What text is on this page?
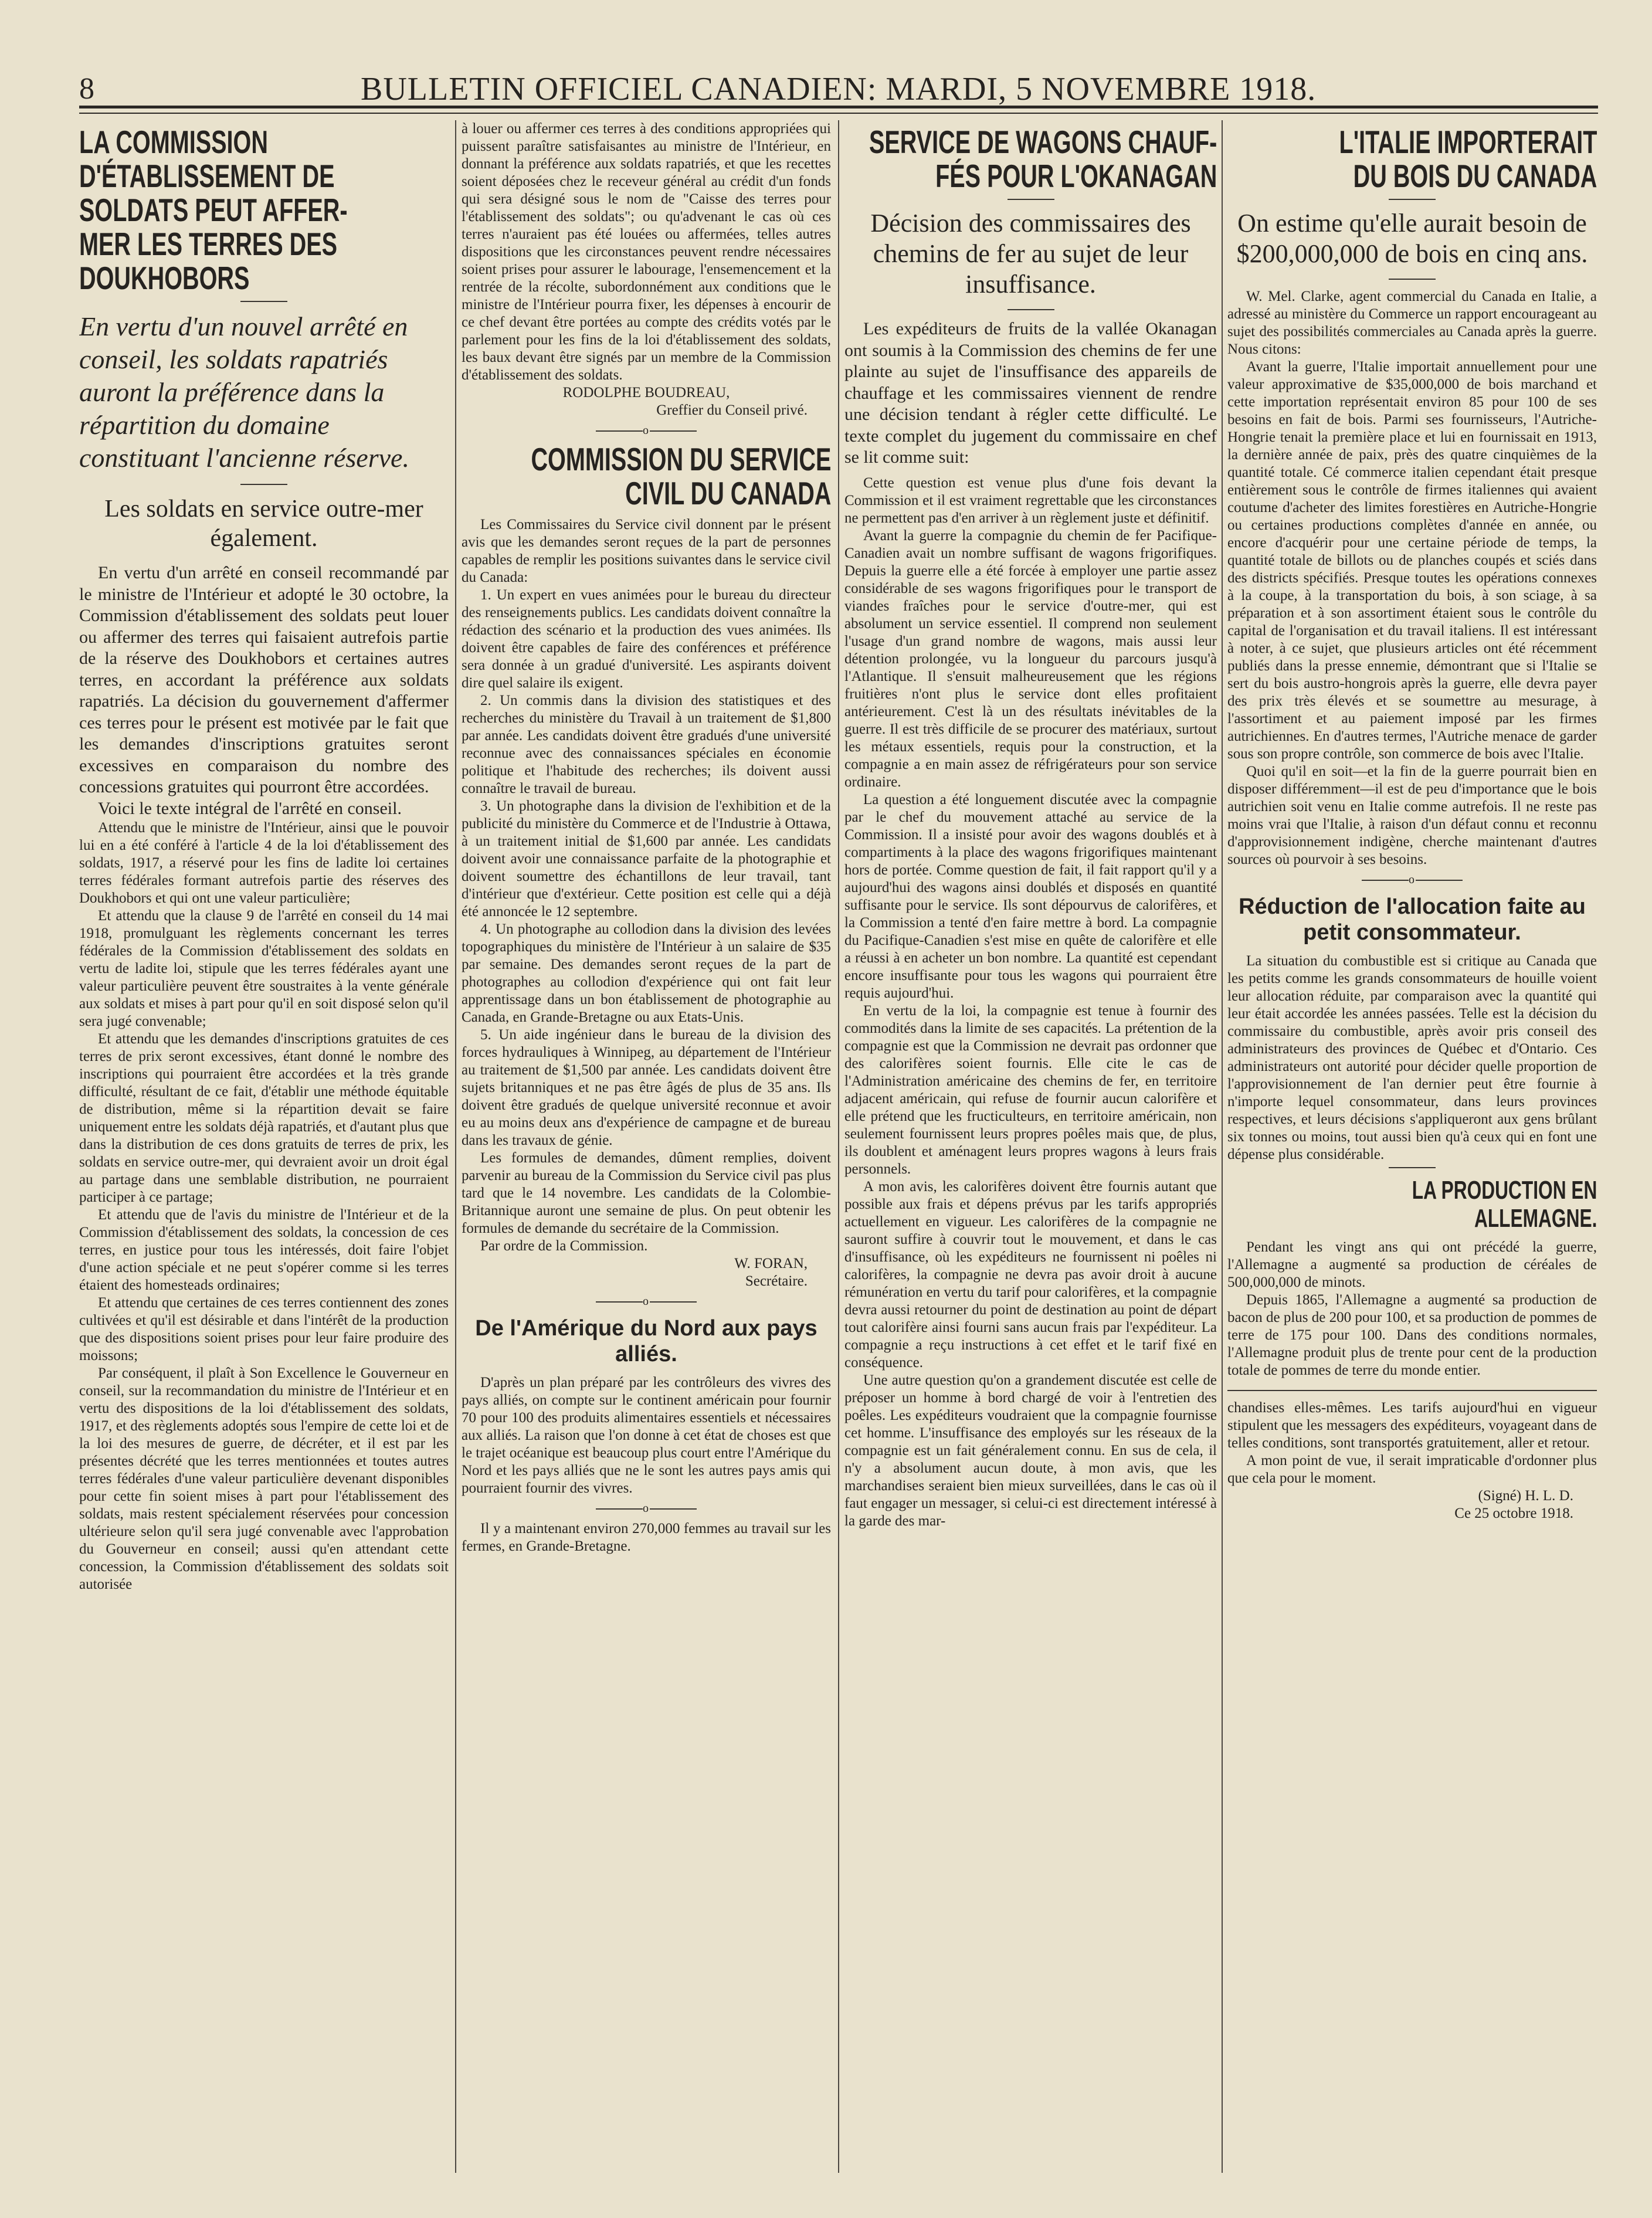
8	BULLETIN OFFICIEL CANADIEN: MARDI, 5 NOVEMBRE 1918.
LA COMMISSION
D'ÉTABLISSEMENT DE
SOLDATS PEUT AFFER-
MER LES TERRES DES
DOUKHOBORS
En vertu d'un nouvel arrêté en conseil, les soldats rapatriés auront la préférence dans la répartition du domaine constituant l'ancienne réserve.
Les soldats en service outre-mer également.

En vertu d'un arrêté en conseil recommandé par le ministre de l'Intérieur et adopté le 30 octobre, la Commission d'établissement des soldats peut louer ou affermer des terres qui faisaient autrefois partie de la réserve des Doukhobors et certaines autres terres, en accordant la préférence aux soldats rapatriés. La décision du gouvernement d'affermer ces terres pour le présent est motivée par le fait que les demandes d'inscriptions gratuites seront excessives en comparaison du nombre des concessions gratuites qui pourront être accordées.

Voici le texte intégral de l'arrêté en conseil.

Attendu que le ministre de l'Intérieur, ainsi que le pouvoir lui en a été conféré à l'article 4 de la loi d'établissement des soldats, 1917, a réservé pour les fins de ladite loi certaines terres fédérales formant autrefois partie des réserves des Doukhobors et qui ont une valeur particulière;

Et attendu que la clause 9 de l'arrêté en conseil du 14 mai 1918, promulguant les règlements concernant les terres fédérales de la Commission d'établissement des soldats en vertu de ladite loi, stipule que les terres fédérales ayant une valeur particulière peuvent être soustraites à la vente générale aux soldats et mises à part pour qu'il en soit disposé selon qu'il sera jugé convenable;

Et attendu que les demandes d'inscriptions gratuites de ces terres de prix seront excessives, étant donné le nombre des inscriptions qui pourraient être accordées et la très grande difficulté, résultant de ce fait, d'établir une méthode équitable de distribution, même si la répartition devait se faire uniquement entre les soldats déjà rapatriés, et d'autant plus que dans la distribution de ces dons gratuits de terres de prix, les soldats en service outre-mer, qui devraient avoir un droit égal au partage dans une semblable distribution, ne pourraient participer à ce partage;

Et attendu que de l'avis du ministre de l'Intérieur et de la Commission d'établissement des soldats, la concession de ces terres, en justice pour tous les intéressés, doit faire l'objet d'une action spéciale et ne peut s'opérer comme si les terres étaient des homesteads ordinaires;

Et attendu que certaines de ces terres contiennent des zones cultivées et qu'il est désirable et dans l'intérêt de la production que des dispositions soient prises pour leur faire produire des moissons;

Par conséquent, il plaît à Son Excellence le Gouverneur en conseil, sur la recommandation du ministre de l'Intérieur et en vertu des dispositions de la loi d'établissement des soldats, 1917, et des règlements adoptés sous l'empire de cette loi et de la loi des mesures de guerre, de décréter, et il est par les présentes décrété que les terres mentionnées et toutes autres terres fédérales d'une valeur particulière devenant disponibles pour cette fin soient mises à part pour l'établissement des soldats, mais restent spécialement réservées pour concession ultérieure selon qu'il sera jugé convenable avec l'approbation du Gouverneur en conseil; aussi qu'en attendant cette concession, la Commission d'établissement des soldats soit autorisée

à louer ou affermer ces terres à des conditions appropriées qui puissent paraître satisfaisantes au ministre de l'Intérieur, en donnant la préférence aux soldats rapatriés, et que les recettes soient déposées chez le receveur général au crédit d'un fonds qui sera désigné sous le nom de "Caisse des terres pour l'établissement des soldats"; ou qu'advenant le cas où ces terres n'auraient pas été louées ou affermées, telles autres dispositions que les circonstances peuvent rendre nécessaires soient prises pour assurer le labourage, l'ensemencement et la rentrée de la récolte, subordonnément aux conditions que le ministre de l'Intérieur pourra fixer, les dépenses à encourir de ce chef devant être portées au compte des crédits votés par le parlement pour les fins de la loi d'établissement des soldats, les baux devant être signés par un membre de la Commission d'établissement des soldats.

RODOLPHE BOUDREAU,
Greffier du Conseil privé.
o
COMMISSION DU SERVICE
CIVIL DU CANADA

Les Commissaires du Service civil donnent par le présent avis que les demandes seront reçues de la part de personnes capables de remplir les positions suivantes dans le service civil du Canada:

1. Un expert en vues animées pour le bureau du directeur des renseignements publics. Les candidats doivent connaître la rédaction des scénario et la production des vues animées. Ils doivent être capables de faire des conférences et préférence sera donnée à un gradué d'université. Les aspirants doivent dire quel salaire ils exigent.

2. Un commis dans la division des statistiques et des recherches du ministère du Travail à un traitement de $1,800 par année. Les candidats doivent être gradués d'une université reconnue avec des connaissances spéciales en économie politique et l'habitude des recherches; ils doivent aussi connaître le travail de bureau.

3. Un photographe dans la division de l'exhibition et de la publicité du ministère du Commerce et de l'Industrie à Ottawa, à un traitement initial de $1,600 par année. Les candidats doivent avoir une connaissance parfaite de la photographie et doivent soumettre des échantillons de leur travail, tant d'intérieur que d'extérieur. Cette position est celle qui a déjà été annoncée le 12 septembre.

4. Un photographe au collodion dans la division des levées topographiques du ministère de l'Intérieur à un salaire de $35 par semaine. Des demandes seront reçues de la part de photographes au collodion d'expérience qui ont fait leur apprentissage dans un bon établissement de photographie au Canada, en Grande-Bretagne ou aux Etats-Unis.

5. Un aide ingénieur dans le bureau de la division des forces hydrauliques à Winnipeg, au département de l'Intérieur au traitement de $1,500 par année. Les candidats doivent être sujets britanniques et ne pas être âgés de plus de 35 ans. Ils doivent être gradués de quelque université reconnue et avoir eu au moins deux ans d'expérience de campagne et de bureau dans les travaux de génie.

Les formules de demandes, dûment remplies, doivent parvenir au bureau de la Commission du Service civil pas plus tard que le 14 novembre. Les candidats de la Colombie-Britannique auront une semaine de plus. On peut obtenir les formules de demande du secrétaire de la Commission.

Par ordre de la Commission.

W. FORAN,
Secrétaire.
o
De l'Amérique du Nord aux pays alliés.

D'après un plan préparé par les contrôleurs des vivres des pays alliés, on compte sur le continent américain pour fournir 70 pour 100 des produits alimentaires essentiels et nécessaires aux alliés. La raison que l'on donne à cet état de choses est que le trajet océanique est beaucoup plus court entre l'Amérique du Nord et les pays alliés que ne le sont les autres pays amis qui pourraient fournir des vivres.

o

Il y a maintenant environ 270,000 femmes au travail sur les fermes, en Grande-Bretagne.

SERVICE DE WAGONS CHAUF-
FÉS POUR L'OKANAGAN
Décision des commissaires des chemins de fer au sujet de leur insuffisance.

Les expéditeurs de fruits de la vallée Okanagan ont soumis à la Commission des chemins de fer une plainte au sujet de l'insuffisance des appareils de chauffage et les commissaires viennent de rendre une décision tendant à régler cette difficulté. Le texte complet du jugement du commissaire en chef se lit comme suit:

Cette question est venue plus d'une fois devant la Commission et il est vraiment regrettable que les circonstances ne permettent pas d'en arriver à un règlement juste et définitif.

Avant la guerre la compagnie du chemin de fer Pacifique-Canadien avait un nombre suffisant de wagons frigorifiques. Depuis la guerre elle a été forcée à employer une partie assez considérable de ses wagons frigorifiques pour le transport de viandes fraîches pour le service d'outre-mer, qui est absolument un service essentiel. Il comprend non seulement l'usage d'un grand nombre de wagons, mais aussi leur détention prolongée, vu la longueur du parcours jusqu'à l'Atlantique. Il s'ensuit malheureusement que les régions fruitières n'ont plus le service dont elles profitaient antérieurement. C'est là un des résultats inévitables de la guerre. Il est très difficile de se procurer des matériaux, surtout les métaux essentiels, requis pour la construction, et la compagnie a en main assez de réfrigérateurs pour son service ordinaire.

La question a été longuement discutée avec la compagnie par le chef du mouvement attaché au service de la Commission. Il a insisté pour avoir des wagons doublés et à compartiments à la place des wagons frigorifiques maintenant hors de portée. Comme question de fait, il fait rapport qu'il y a aujourd'hui des wagons ainsi doublés et disposés en quantité suffisante pour le service. Ils sont dépourvus de calorifères, et la Commission a tenté d'en faire mettre à bord. La compagnie du Pacifique-Canadien s'est mise en quête de calorifère et elle a réussi à en acheter un bon nombre. La quantité est cependant encore insuffisante pour tous les wagons qui pourraient être requis aujourd'hui.

En vertu de la loi, la compagnie est tenue à fournir des commodités dans la limite de ses capacités. La prétention de la compagnie est que la Commission ne devrait pas ordonner que des calorifères soient fournis. Elle cite le cas de l'Administration américaine des chemins de fer, en territoire adjacent américain, qui refuse de fournir aucun calorifère et elle prétend que les fructiculteurs, en territoire américain, non seulement fournissent leurs propres poêles mais que, de plus, ils doublent et aménagent leurs propres wagons à leurs frais personnels.

A mon avis, les calorifères doivent être fournis autant que possible aux frais et dépens prévus par les tarifs appropriés actuellement en vigueur. Les calorifères de la compagnie ne sauront suffire à couvrir tout le mouvement, et dans le cas d'insuffisance, où les expéditeurs ne fournissent ni poêles ni calorifères, la compagnie ne devra pas avoir droit à aucune rémunération en vertu du tarif pour calorifères, et la compagnie devra aussi retourner du point de destination au point de départ tout calorifère ainsi fourni sans aucun frais par l'expéditeur. La compagnie a reçu instructions à cet effet et le tarif fixé en conséquence.

Une autre question qu'on a grandement discutée est celle de préposer un homme à bord chargé de voir à l'entretien des poêles. Les expéditeurs voudraient que la compagnie fournisse cet homme. L'insuffisance des employés sur les réseaux de la compagnie est un fait généralement connu. En sus de cela, il n'y a absolument aucun doute, à mon avis, que les marchandises seraient bien mieux surveillées, dans le cas où il faut engager un messager, si celui-ci est directement intéressé à la garde des mar-

L'ITALIE IMPORTERAIT
DU BOIS DU CANADA
On estime qu'elle aurait besoin de $200,000,000 de bois en cinq ans.

W. Mel. Clarke, agent commercial du Canada en Italie, a adressé au ministère du Commerce un rapport encourageant au sujet des possibilités commerciales au Canada après la guerre. Nous citons:

Avant la guerre, l'Italie importait annuellement pour une valeur approximative de $35,000,000 de bois marchand et cette importation représentait environ 85 pour 100 de ses besoins en fait de bois. Parmi ses fournisseurs, l'Autriche-Hongrie tenait la première place et lui en fournissait en 1913, la dernière année de paix, près des quatre cinquièmes de la quantité totale. Cé commerce italien cependant était presque entièrement sous le contrôle de firmes italiennes qui avaient coutume d'acheter des limites forestières en Autriche-Hongrie ou certaines productions complètes d'année en année, ou encore d'acquérir pour une certaine période de temps, la quantité totale de billots ou de planches coupés et sciés dans des districts spécifiés. Presque toutes les opérations connexes à la coupe, à la transportation du bois, à son sciage, à sa préparation et à son assortiment étaient sous le contrôle du capital de l'organisation et du travail italiens. Il est intéressant à noter, à ce sujet, que plusieurs articles ont été récemment publiés dans la presse ennemie, démontrant que si l'Italie se sert du bois austro-hongrois après la guerre, elle devra payer des prix très élevés et se soumettre au mesurage, à l'assortiment et au paiement imposé par les firmes autrichiennes. En d'autres termes, l'Autriche menace de garder sous son propre contrôle, son commerce de bois avec l'Italie.

Quoi qu'il en soit—et la fin de la guerre pourrait bien en disposer différemment—il est de peu d'importance que le bois autrichien soit venu en Italie comme autrefois. Il ne reste pas moins vrai que l'Italie, à raison d'un défaut connu et reconnu d'approvisionnement indigène, cherche maintenant d'autres sources où pourvoir à ses besoins.

o
Réduction de l'allocation faite au petit consommateur.

La situation du combustible est si critique au Canada que les petits comme les grands consommateurs de houille voient leur allocation réduite, par comparaison avec la quantité qui leur était accordée les années passées. Telle est la décision du commissaire du combustible, après avoir pris conseil des administrateurs des provinces de Québec et d'Ontario. Ces administrateurs ont autorité pour décider quelle proportion de l'approvisionnement de l'an dernier peut être fournie à n'importe lequel consommateur, dans leurs provinces respectives, et leurs décisions s'appliqueront aux gens brûlant six tonnes ou moins, tout aussi bien qu'à ceux qui en font une dépense plus considérable.

LA PRODUCTION EN
ALLEMAGNE.

Pendant les vingt ans qui ont précédé la guerre, l'Allemagne a augmenté sa production de céréales de 500,000,000 de minots.

Depuis 1865, l'Allemagne a augmenté sa production de bacon de plus de 200 pour 100, et sa production de pommes de terre de 175 pour 100. Dans des conditions normales, l'Allemagne produit plus de trente pour cent de la production totale de pommes de terre du monde entier.

chandises elles-mêmes. Les tarifs aujourd'hui en vigueur stipulent que les messagers des expéditeurs, voyageant dans de telles conditions, sont transportés gratuitement, aller et retour.

A mon point de vue, il serait impraticable d'ordonner plus que cela pour le moment.

(Signé) H. L. D.
Ce 25 octobre 1918.
